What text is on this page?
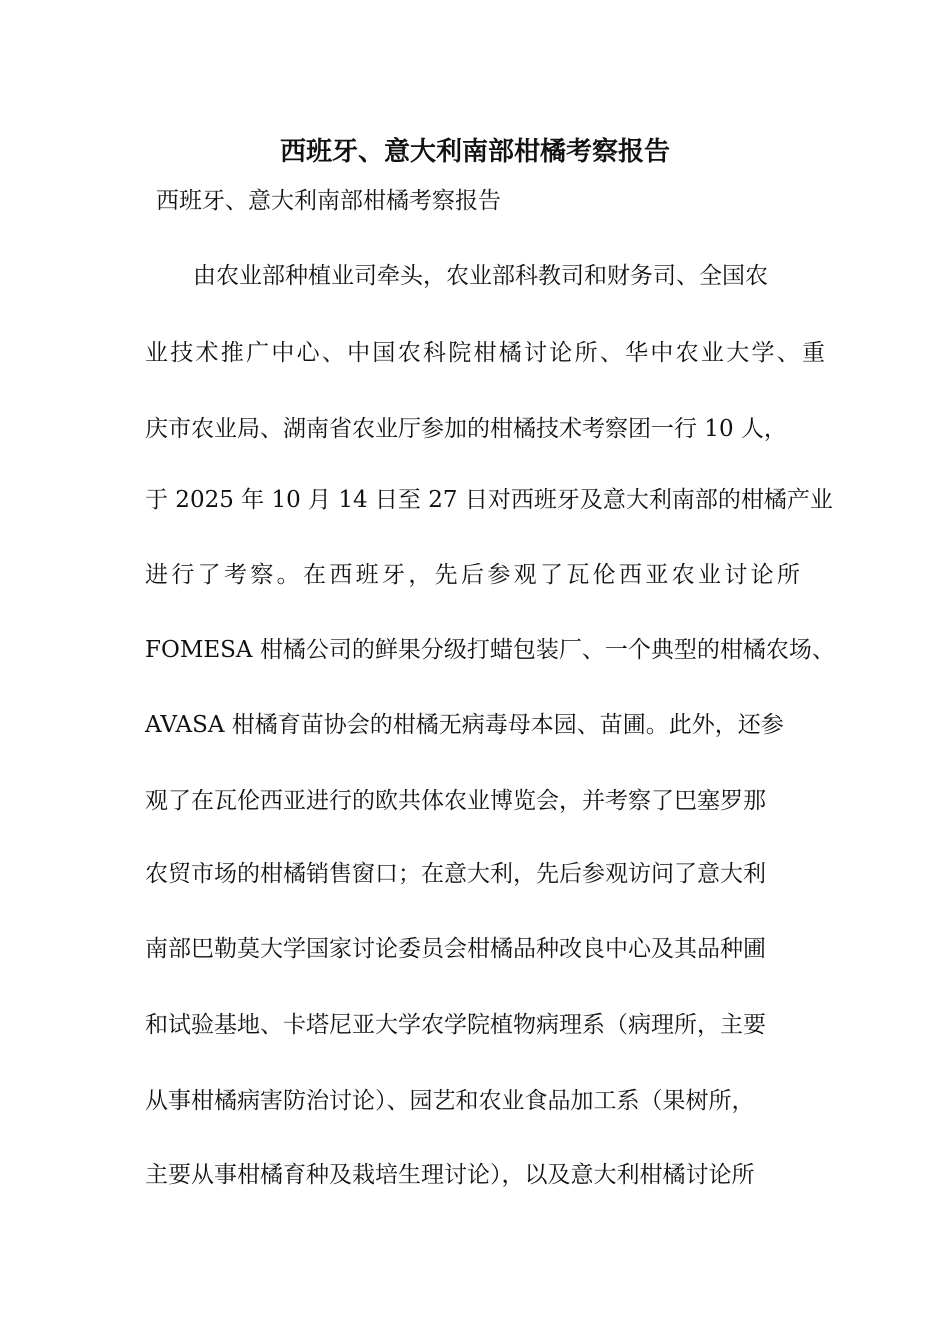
西班牙、意大利南部柑橘考察报告
西班牙、意大利南部柑橘考察报告
由农业部种植业司牵头，农业部科教司和财务司、全国农
业技术推广中心、中国农科院柑橘讨论所、华中农业大学、重
庆市农业局、湖南省农业厅参加的柑橘技术考察团一行 10 人，
于 2025 年 10 月 14 日至 27 日对西班牙及意大利南部的柑橘产业
进行了考察。在西班牙，先后参观了瓦伦西亚农业讨论所
FOMESA 柑橘公司的鲜果分级打蜡包装厂、一个典型的柑橘农场、
AVASA 柑橘育苗协会的柑橘无病毒母本园、苗圃。此外，还参
观了在瓦伦西亚进行的欧共体农业博览会，并考察了巴塞罗那
农贸市场的柑橘销售窗口；在意大利，先后参观访问了意大利
南部巴勒莫大学国家讨论委员会柑橘品种改良中心及其品种圃
和试验基地、卡塔尼亚大学农学院植物病理系（病理所，主要
从事柑橘病害防治讨论）、园艺和农业食品加工系（果树所，
主要从事柑橘育种及栽培生理讨论），以及意大利柑橘讨论所
